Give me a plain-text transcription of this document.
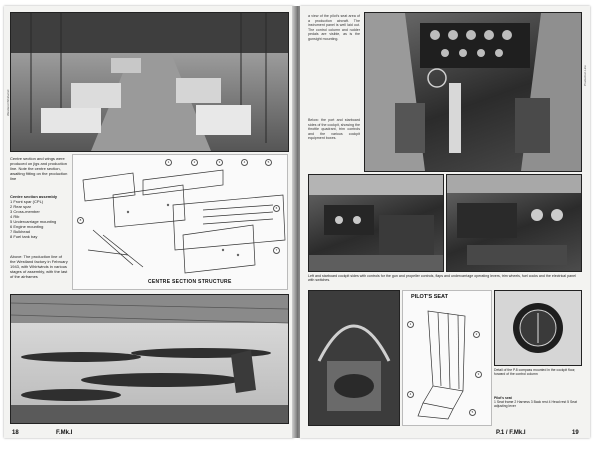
Westland Whirlwind
Centre section and wings were produced on jigs and production line. Note the centre section, awaiting fitting on the production line
Centre section assembly
1 Front spar (CPL)
2 Rear spar
3 Cross-member
4 Rib
5 Undercarriage mounting
6 Engine mounting
7 Bulkhead
8 Fuel tank bay
Above: The production line of the Westland factory in February 1943, with Whirlwinds in various stages of assembly, with the last of the airframes
1	2	3	4	5
6
7
8
CENTRE SECTION STRUCTURE
18	F.Mk.I
Production Line
a view of the pilot's seat area of a production aircraft. The instrument panel is well laid out. The control column and rudder pedals are visible, as is the gunsight mounting.
Below: the port and starboard sides of the cockpit, showing the throttle quadrant, trim controls and the various cockpit equipment boxes.
Left and starboard cockpit sides with controls for the gun and propeller controls, flaps and undercarriage operating levers, trim wheels, fuel cocks and the electrical panel with switches.
PILOT'S SEAT
1
2
3
4
5
Detail of the P.8 compass mounted in the cockpit floor, forward of the control column
Pilot's seat
1 Seat frame 2 Harness 3 Back rest 4 Head rest 5 Seat adjusting lever
P.1 / F.Mk.I	19
